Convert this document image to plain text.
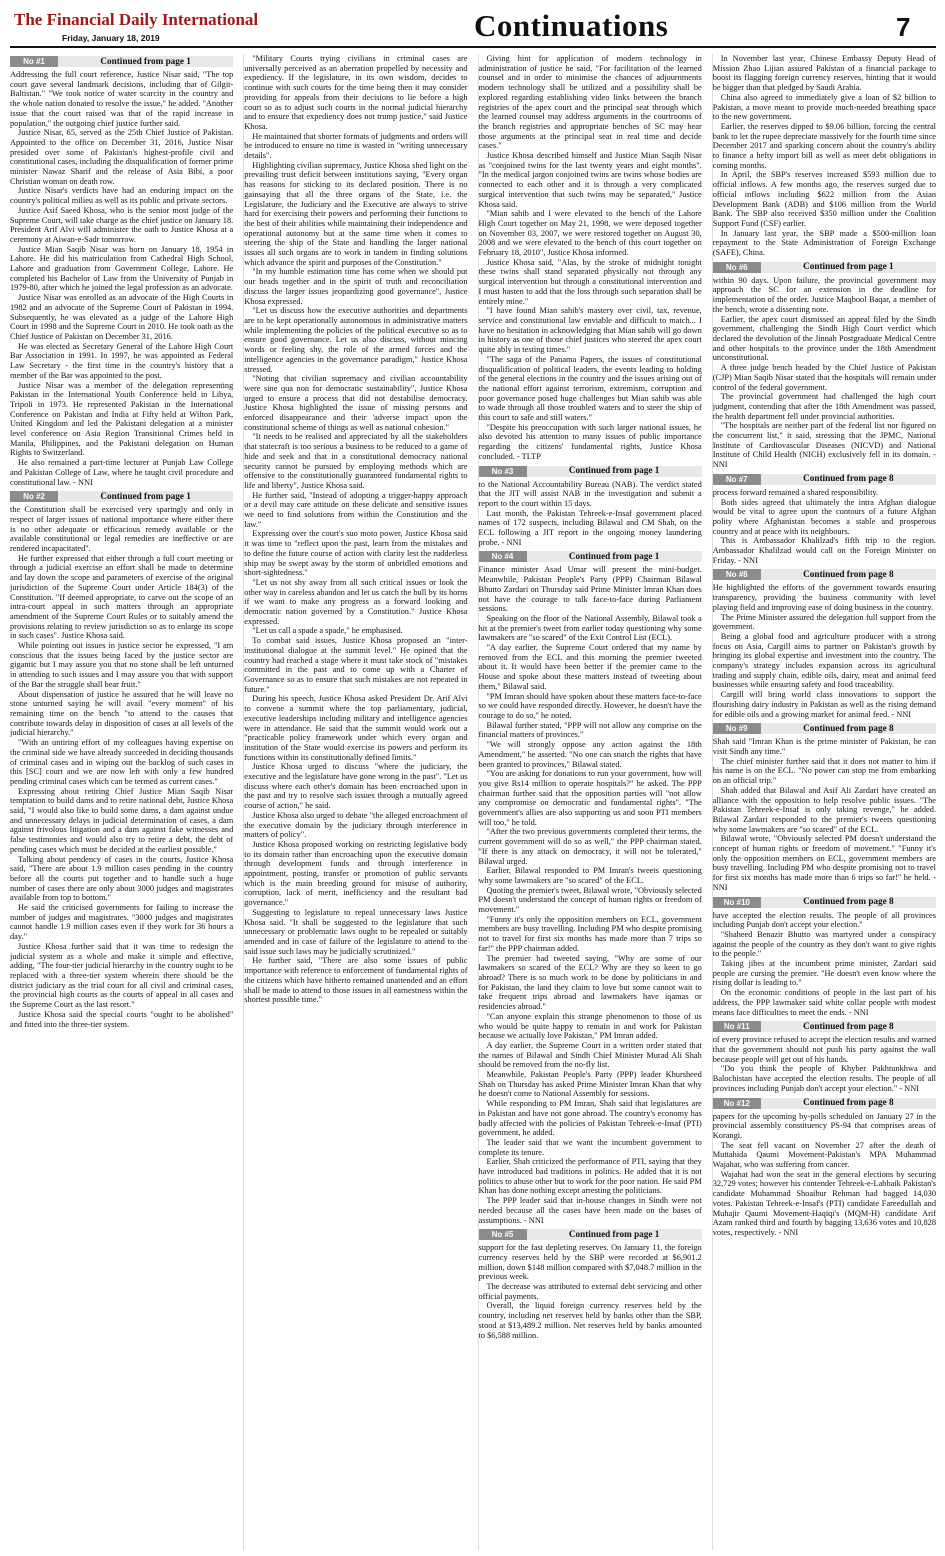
The Financial Daily International
Friday, January 18, 2019	Continuations	7
No #1	Continued from page 1

Addressing the full court reference, Justice Nisar said, "The top court gave several landmark decisions, including that of Gilgit-Baltistan." "We took notice of water scarcity in the country and the whole nation donated to resolve the issue," he added. "Another issue that the court raised was that of the rapid increase in population," the outgoing chief justice further said.

Justice Nisar, 65, served as the 25th Chief Justice of Pakistan. Appointed to the office on December 31, 2016, Justice Nisar presided over some of Pakistan's highest-profile civil and constitutional cases, including the disqualification of former prime minister Nawaz Sharif and the release of Asia Bibi, a poor Christian woman on death row.

Justice Nisar's verdicts have had an enduring impact on the country's political milieu as well as its public and private sectors.

Justice Asif Saeed Khosa, who is the senior most judge of the Supreme Court, will take charge as the chief justice on January 18. President Arif Alvi will administer the oath to Justice Khosa at a ceremony at Aiwan-e-Sadr tomorrow.

Justice Mian Saqib Nisar was born on January 18, 1954 in Lahore. He did his matriculation from Cathedral High School, Lahore and graduation from Government College, Lahore. He completed his Bachelor of Law from the University of Punjab in 1979-80, after which he joined the legal profession as an advocate.

Justice Nisar was enrolled as an advocate of the High Courts in 1982 and an advocate of the Supreme Court of Pakistan in 1994. Subsequently, he was elevated as a judge of the Lahore High Court in 1998 and the Supreme Court in 2010. He took oath as the Chief Justice of Pakistan on December 31, 2016.

He was elected as Secretary General of the Lahore High Court Bar Association in 1991. In 1997, he was appointed as Federal Law Secretary - the first time in the country's history that a member of the Bar was appointed to the post.

Justice Nisar was a member of the delegation representing Pakistan in the International Youth Conference held in Libya, Tripoli in 1973. He represented Pakistan in the International Conference on Pakistan and India at Fifty held at Wilton Park, United Kingdom and led the Pakistani delegation at a minister level conference on Asia Region Transitional Crimes held in Manila, Philippines, and the Pakistani delegation on Human Rights to Switzerland.

He also remained a part-time lecturer at Punjab Law College and Pakistan College of Law, where he taught civil procedure and constitutional law. - NNI

No #2	Continued from page 1

the Constitution shall be exercised very sparingly and only in respect of larger issues of national importance where either there is no other adequate or efficacious remedy available or the available constitutional or legal remedies are ineffective or are rendered incapacitated".

He further expressed that either through a full court meeting or through a judicial exercise an effort shall be made to determine and lay down the scope and parameters of exercise of the original jurisdiction of the Supreme Court under Article 184(3) of the Constitution. "If deemed appropriate, to carve out the scope of an intra-court appeal in such matters through an appropriate amendment of the Supreme Court Rules or to suitably amend the provisions relating to review jurisdiction so as to enlarge its scope in such cases". Justice Khosa said.

While pointing out issues in justice sector he expressed, "I am conscious that the issues being faced by the justice sector are gigantic but I may assure you that no stone shall be left unturned in attending to such issues and I may assure you that with support of the Bar the struggle shall bear fruit."

About dispensation of justice he assured that he will leave no stone unturned saying he will avail "every moment" of his remaining time on the bench "to attend to the causes that contribute towards delay in disposition of cases at all levels of the judicial hierarchy."

"With an untiring effort of my colleagues having expertise on the criminal side we have already succeeded in deciding thousands of criminal cases and in wiping out the backlog of such cases in this [SC] court and we are now left with only a few hundred pending criminal cases which can be termed as current cases."

Expressing about retiring Chief Justice Mian Saqib Nisar temptation to build dams and to retire national debt, Justice Khosa said, "I would also like to build some dams, a dam against undue and unnecessary delays in judicial determination of cases, a dam against frivolous litigation and a dam against fake witnesses and false testimonies and would also try to retire a debt, the debt of pending cases which must be decided at the earliest possible."

Talking about pendency of cases in the courts, Justice Khosa said, "There are about 1.9 million cases pending in the country before all the courts put together and to handle such a huge number of cases there are only about 3000 judges and magistrates available from top to bottom."

He said the criticised governments for failing to increase the number of judges and magistrates. "3000 judges and magistrates cannot handle 1.9 million cases even if they work for 36 hours a day."

Justice Khosa further said that it was time to redesign the judicial system as a whole and make it simple and effective, adding, "The four-tier judicial hierarchy in the country ought to be replaced with a three-tier system wherein there should be the district judiciary as the trial court for all civil and criminal cases, the provincial high courts as the courts of appeal in all cases and the Supreme Court as the last resort."

Justice Khosa said the special courts "ought to be abolished" and fitted into the three-tier system.

"Military Courts trying civilians in criminal cases are universally perceived as an aberration propelled by necessity and expediency. If the legislature, in its own wisdom, decides to continue with such courts for the time being then it may consider providing for appeals from their decisions to lie before a high court so as to adjust such courts in the normal judicial hierarchy and to ensure that expediency does not trump justice," said Justice Khosa.

He maintained that shorter formats of judgments and orders will be introduced to ensure no time is wasted in "writing unnecessary details".

Highlighting civilian supremacy, Justice Khosa shed light on the prevailing trust deficit between institutions saying, "Every organ has reasons for sticking to its declared position. There is no gainsaying that all the three organs of the State, i.e. the Legislature, the Judiciary and the Executive are always to strive hard for exercising their powers and performing their functions to the best of their abilities while maintaining their independence and operational autonomy but at the same time when it comes to steering the ship of the State and handling the larger national issues all such organs are to work in tandem in finding solutions which advance the spirit and purposes of the Constitution."

"In my humble estimation time has come when we should put our heads together and in the spirit of truth and reconciliation discuss the larger issues jeopardizing good governance", Justice Khosa expressed.

"Let us discuss how the executive authorities and departments are to be kept operationally autonomous in administrative matters while implementing the policies of the political executive so as to ensure good governance. Let us also discuss, without mincing words or feeling shy, the role of the armed forces and the intelligence agencies in the governance paradigm," Justice Khosa stressed.

"Noting that civilian supremacy and civilian accountability were sine qua non for democratic sustainability", Justice Khosa urged to ensure a process that did not destabilise democracy. Justice Khosa highlighted the issue of missing persons and enforced disappearance and their 'adverse impact upon the constitutional scheme of things as well as national cohesion."

"It needs to be realised and appreciated by all the stakeholders that statecraft is too serious a business to be reduced to a game of hide and seek and that in a constitutional democracy national security cannot be pursued by employing methods which are offensive to the constitutionally guaranteed fundamental rights to life and liberty", Justice Khosa said.

He further said, "Instead of adopting a trigger-happy approach or a devil may care attitude on these delicate and sensitive issues we need to find solutions from within the Constitution and the law."

Expressing over the court's suo moto power, Justice Khosa said it was time to "reflect upon the past, learn from the mistakes and to define the future course of action with clarity lest the rudderless ship may be swept away by the storm of unbridled emotions and short-sightedness."

"Let us not shy away from all such critical issues or look the other way in careless abandon and let us catch the bull by its horns if we want to make any progress as a forward looking and democratic nation governed by a Constitution." Justice Khosa expressed.

"Let us call a spade a spade," he emphasised.

To combat said issues, Justice Khosa proposed an "inter-institutional dialogue at the summit level." He opined that the country had reached a stage where it must take stock of "mistakes committed in the past and to come up with a Charter of Governance so as to ensure that such mistakes are not repeated in future."

During his speech, Justice Khosa asked President Dr. Arif Alvi to convene a summit where the top parliamentary, judicial, executive leaderships including military and intelligence agencies were in attendance. He said that the summit would work out a "practicable policy framework under which every organ and institution of the State would exercise its powers and perform its functions within its constitutionally defined limits."

Justice Khosa urged to discuss "where the judiciary, the executive and the legislature have gone wrong in the past". "Let us discuss where each other's domain has been encroached upon in the past and try to resolve such issues through a mutually agreed course of action," he said.

Justice Khosa also urged to debate "the alleged encroachment of the executive domain by the judiciary through interference in matters of policy".

Justice Khosa proposed working on restricting legislative body to its domain rather than encroaching upon the executive domain through development funds and through interference in appointment, posting, transfer or promotion of public servants which is the main breeding ground for misuse of authority, corruption, lack of merit, inefficiency and the resultant bad governance."

Suggesting to legislature to repeal unnecessary laws Justice Khosa said. "It shall be suggested to the legislature that such unnecessary or problematic laws ought to be repealed or suitably amended and in case of failure of the legislature to attend to the said issue such laws may be judicially scrutinized."

He further said, "There are also some issues of public importance with reference to enforcement of fundamental rights of the citizens which have hitherto remained unattended and an effort shall be made to attend to those issues in all earnestness within the shortest possible time."

Giving hint for application of modern technology in administration of justice he said, "For facilitation of the learned counsel and in order to minimise the chances of adjournments modern technology shall be utilized and a possibility shall be explored regarding establishing video links between the branch registries of the apex court and the principal seat through which the learned counsel may address arguments in the courtrooms of the branch registries and appropriate benches of SC may hear those arguments at the principal seat in real time and decide cases."

Justice Khosa described himself and Justice Mian Saqib Nisar as "conjoined twins for the last twenty years and eight months". "In the medical jargon conjoined twins are twins whose bodies are connected to each other and it is through a very complicated surgical intervention that such twins may be separated," Justice Khosa said.

"Mian sahib and I were elevated to the bench of the Lahore High Court together on May 21, 1998, we were deposed together on November 03, 2007, we were restored together on August 30, 2008 and we were elevated to the bench of this court together on February 18, 2010", Justice Khosa informed.

Justice Khosa said, "Alas, by the stroke of midnight tonight these twins shall stand separated physically not through any surgical intervention but through a constitutional intervention and I must hasten to add that the loss through such separation shall be entirely mine."

"I have found Mian sahib's mastery over civil, tax, revenue, service and constitutional law enviable and difficult to match... I have no hesitation in acknowledging that Mian sahib will go down in history as one of those chief justices who steered the apex court quite ably in testing times."

"The saga of the Panama Papers, the issues of constitutional disqualification of political leaders, the events leading to holding of the general elections in the country and the issues arising out of the national effort against terrorism, extremism, corruption and poor governance posed huge challenges but Mian sahib was able to wade through all those troubled waters and to steer the ship of this court to safe and still waters."

"Despite his preoccupation with such larger national issues, he also devoted his attention to many issues of public importance regarding the citizens' fundamental rights, Justice Khosa concluded. - TLTP

No #3	Continued from page 1

to the National Accountability Bureau (NAB). The verdict stated that the JIT will assist NAB in the investigation and submit a report to the court within 15 days.

Last month, the Pakistan Tehreek-e-Insaf government placed names of 172 suspects, including Bilawal and CM Shah, on the ECL following a JIT report in the ongoing money laundering probe. - NNI

No #4	Continued from page 1

Finance minister Asad Umar will present the mini-budget. Meanwhile, Pakistan People's Party (PPP) Chairman Bilawal Bhutto Zardari on Thursday said Prime Minister Imran Khan does not have the courage to talk face-to-face during Parliament sessions.

Speaking on the floor of the National Assembly, Bilawal took a hit at the premier's tweet from earlier today questioning why some lawmakers are "so scared" of the Exit Control List (ECL).

"A day earlier, the Supreme Court ordered that my name by removed from the ECL and this morning the premier tweeted about it. It would have been better if the premier came to the House and spoke about these matters instead of tweeting about them," Bilawal said.

"PM Imran should have spoken about these matters face-to-face so we could have responded directly. However, he doesn't have the courage to do so," he noted.

Bilawal further stated, "PPP will not allow any comprise on the financial matters of provinces."

"We will strongly oppose any action against the 18th Amendment," he asserted. "No one can snatch the rights that have been granted to provinces," Bilawal stated.

"You are asking for donations to run your government, how will you give Rs14 million to operate hospitals?" he asked. The PPP chairman further said that the opposition parties will "not allow any compromise on democratic and fundamental rights". "The government's allies are also supporting us and soon PTI members will too," he told.

"After the two previous governments completed their terms, the current government will do so as well," the PPP chairman stated. "If there is any attack on democracy, it will not be tolerated," Bilawal urged.

Earlier, Bilawal responded to PM Imran's tweets questioning why some lawmakers are "so scared" of the ECL.

Quoting the premier's tweet, Bilawal wrote, "Obviously selected PM doesn't understand the concept of human rights or freedom of movement."

"Funny it's only the opposition members on ECL, government members are busy travelling. Including PM who despite promising not to travel for first six months has made more than 7 trips so far!" the PPP chairman added.

The premier had tweeted saying, "Why are some of our lawmakers so scared of the ECL? Why are they so keen to go abroad? There is so much work to be done by politicians in and for Pakistan, the land they claim to love but some cannot wait to take frequent trips abroad and lawmakers have iqamas or residencies abroad."

"Can anyone explain this strange phenomenon to those of us who would be quite happy to remain in and work for Pakistan because we actually love Pakistan," PM Imran added.

A day earlier, the Supreme Court in a written order stated that the names of Bilawal and Sindh Chief Minister Murad Ali Shah should be removed from the no-fly list.

Meanwhile, Pakistan People's Party (PPP) leader Khursheed Shah on Thursday has asked Prime Minister Imran Khan that why he doesn't come to National Assembly for sessions.

While responding to PM Imran, Shah said that legislatures are in Pakistan and have not gone abroad. The country's economy has badly affected with the policies of Pakistan Tehreek-e-Insaf (PTI) government, he added.

The leader said that we want the incumbent government to complete its tenure.

Earlier, Shah criticized the performance of PTI, saying that they have introduced bad traditions in politics. He added that it is not politics to abuse other but to work for the poor nation. He said PM Khan has done nothing except arresting the politicians.

The PPP leader said that in-house changes in Sindh were not needed because all the cases have been made on the bases of assumptions. - NNI

No #5	Continued from page 1

support for the fast depleting reserves. On January 11, the foreign currency reserves held by the SBP were recorded at $6,901.2 million, down $148 million compared with $7,048.7 million in the previous week.

The decrease was attributed to external debt servicing and other official payments.

Overall, the liquid foreign currency reserves held by the country, including net reserves held by banks other than the SBP, stood at $13,489.2 million. Net reserves held by banks amounted to $6,588 million.

In November last year, Chinese Embassy Deputy Head of Mission Zhao Lijian assured Pakistan of a financial package to boost its flagging foreign currency reserves, hinting that it would be bigger than that pledged by Saudi Arabia.

China also agreed to immediately give a loan of $2 billion to Pakistan, a move meant to provide much-needed breathing space to the new government.

Earlier, the reserves dipped to $9.06 billion, forcing the central bank to let the rupee depreciate massively for the fourth time since December 2017 and sparking concern about the country's ability to finance a hefty import bill as well as meet debt obligations in coming months.

In April, the SBP's reserves increased $593 million due to official inflows. A few months ago, the reserves surged due to official inflows including $622 million from the Asian Development Bank (ADB) and $106 million from the World Bank. The SBP also received $350 million under the Coalition Support Fund (CSF) earlier.

In January last year, the SBP made a $500-million loan repayment to the State Administration of Foreign Exchange (SAFE), China.

No #6	Continued from page 1

within 90 days. Upon failure, the provincial government may approach the SC for an extension in the deadline for implementation of the order. Justice Maqbool Baqar, a member of the bench, wrote a dissenting note.

Earlier, the apex court dismissed an appeal filed by the Sindh government, challenging the Sindh High Court verdict which declared the devolution of the Jinnah Postgraduate Medical Centre and other hospitals to the province under the 18th Amendment unconstitutional.

A three judge bench headed by the Chief Justice of Pakistan (CJP) Mian Saqib Nisar stated that the hospitals will remain under control of the federal government.

The provincial government had challenged the high court judgment, contending that after the 18th Amendment was passed, the health department fell under provincial authorities.

"The hospitals are neither part of the federal list nor figured on the concurrent list," it said, stressing that the JPMC, National Institute of Cardiovascular Diseases (NICVD) and National Institute of Child Health (NICH) exclusively fell in its domain. - NNI

No #7	Continued from page 8

process forward remained a shared responsibility.

Both sides agreed that ultimately the intra Afghan dialogue would be vital to agree upon the contours of a future Afghan polity where Afghanistan becomes a stable and prosperous country and at peace with its neighbours.

This is Ambassador Khalilzad's fifth trip to the region. Ambassador Khalilzad would call on the Foreign Minister on Friday. - NNI

No #8	Continued from page 8

He highlighted the efforts of the government towards ensuring transparency, providing the business community with level playing field and improving ease of doing business in the country.

The Prime Minister assured the delegation full support from the government.

Being a global food and agriculture producer with a strong focus on Asia, Cargill aims to partner on Pakistan's growth by bringing its global expertise and investment into the country. The company's strategy includes expansion across its agricultural trading and supply chain, edible oils, dairy, meat and animal feed businesses while ensuring safety and food traceability.

Cargill will bring world class innovations to support the flourishing dairy industry in Pakistan as well as the rising demand for edible oils and a growing market for animal feed. - NNI

No #9	Continued from page 8

Shah said "Imran Khan is the prime minister of Pakistan, he can visit Sindh any time."

The chief minister further said that it does not matter to him if his name is on the ECL. "No power can stop me from embarking on an official trip."

Shah added that Bilawal and Asif Ali Zardari have created an alliance with the opposition to help resolve public issues. "The Pakistan Tehreek-e-Insaf is only taking revenge," he added. Bilawal Zardari responded to the premier's tweets questioning why some lawmakers are "so scared" of the ECL.

Bilawal wrote, "Obviously selected PM doesn't understand the concept of human rights or freedom of movement." "Funny it's only the opposition members on ECL, government members are busy travelling. Including PM who despite promising not to travel for first six months has made more than 6 trips so far!" he held. - NNI

No #10	Continued from page 8

have accepted the election results. The people of all provinces including Punjab don't accept your election."

"Shaheed Benazir Bhutto was martyred under a conspiracy against the people of the country as they don't want to give rights to the people."

Taking jibes at the incumbent prime minister, Zardari said people are cursing the premier. "He doesn't even know where the rising dollar is leading to."

On the economic conditions of people in the last part of his address, the PPP lawmaker said white collar people with modest means face difficulties to meet the ends. - NNI

No #11	Continued from page 8

of every province refused to accept the election results and warned that the government should not push his party against the wall because people will get out of his hands.

"Do you think the people of Khyber Pakhtunkhwa and Balochistan have accepted the election results. The people of all provinces including Punjab don't accept your election." - NNI

No #12	Continued from page 8

papers for the upcoming by-polls scheduled on January 27 in the provincial assembly constituency PS-94 that comprises areas of Korangi.

The seat fell vacant on November 27 after the death of Muttahida Qaumi Movement-Pakistan's MPA Muhammad Wajahat, who was suffering from cancer.

Wajahat had won the seat in the general elections by securing 32,729 votes; however his contender Tehreek-e-Labbaik Pakistan's candidate Muhammad Shoaibur Rehman had bagged 14,030 votes. Pakistan Tehreek-e-Insaf's (PTI) candidate Fareedullah and Muhajir Qaumi Movement-Haqiqi's (MQM-H) candidate Arif Azam ranked third and fourth by bagging 13,636 votes and 10,828 votes, respectively. - NNI
